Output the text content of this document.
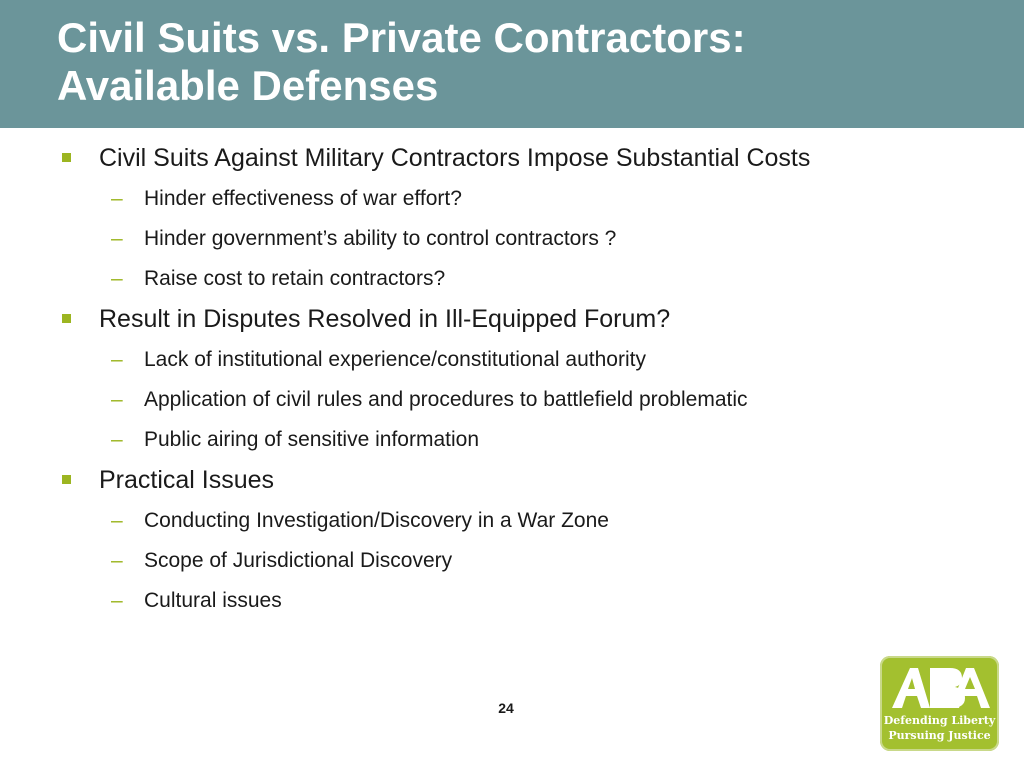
Civil Suits vs. Private Contractors:
Available Defenses
Civil Suits Against Military Contractors Impose Substantial Costs
– Hinder effectiveness of war effort?
– Hinder government’s ability to control contractors ?
– Raise cost to retain contractors?
Result in Disputes Resolved in Ill-Equipped Forum?
– Lack of institutional experience/constitutional authority
– Application of civil rules and procedures to battlefield problematic
– Public airing of sensitive information
Practical Issues
– Conducting Investigation/Discovery in a War Zone
– Scope of Jurisdictional Discovery
– Cultural issues
24
Defending Liberty
Pursuing Justice
